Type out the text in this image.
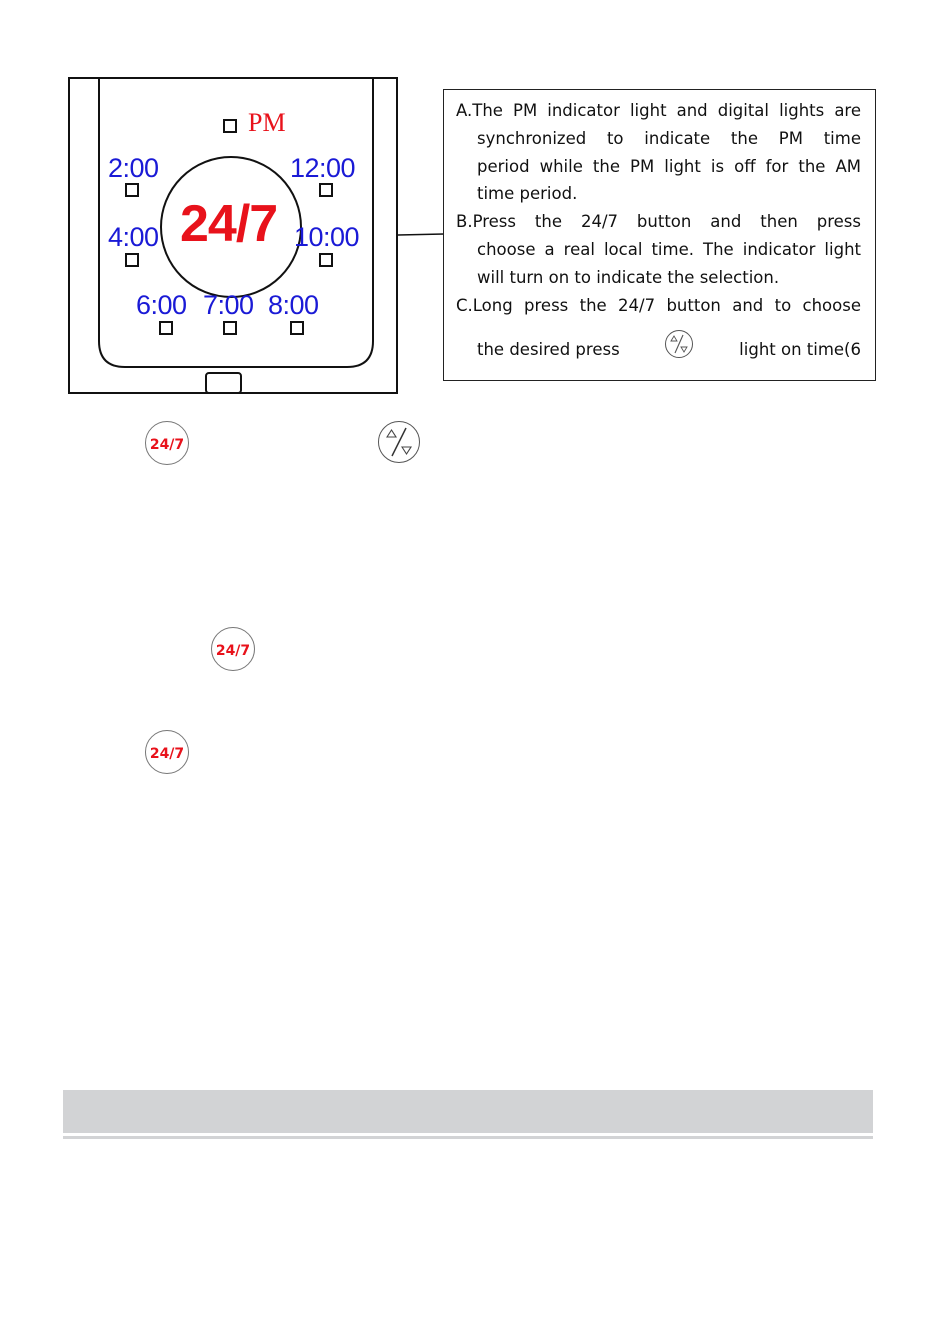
PM
2:00	12:00
4:00	10:00
6:00 7:00 8:00
24/7
A.The PM indicator light and digital lights are
synchronized to indicate the PM time
period while the PM light is off for the AM
time period.
B.Press the 24/7 button and then press
choose a real local time. The indicator light
will turn on to indicate the selection.
C.Long press the 24/7 button and to choose
the desired press	light on time(6
24/7
24/7
24/7
